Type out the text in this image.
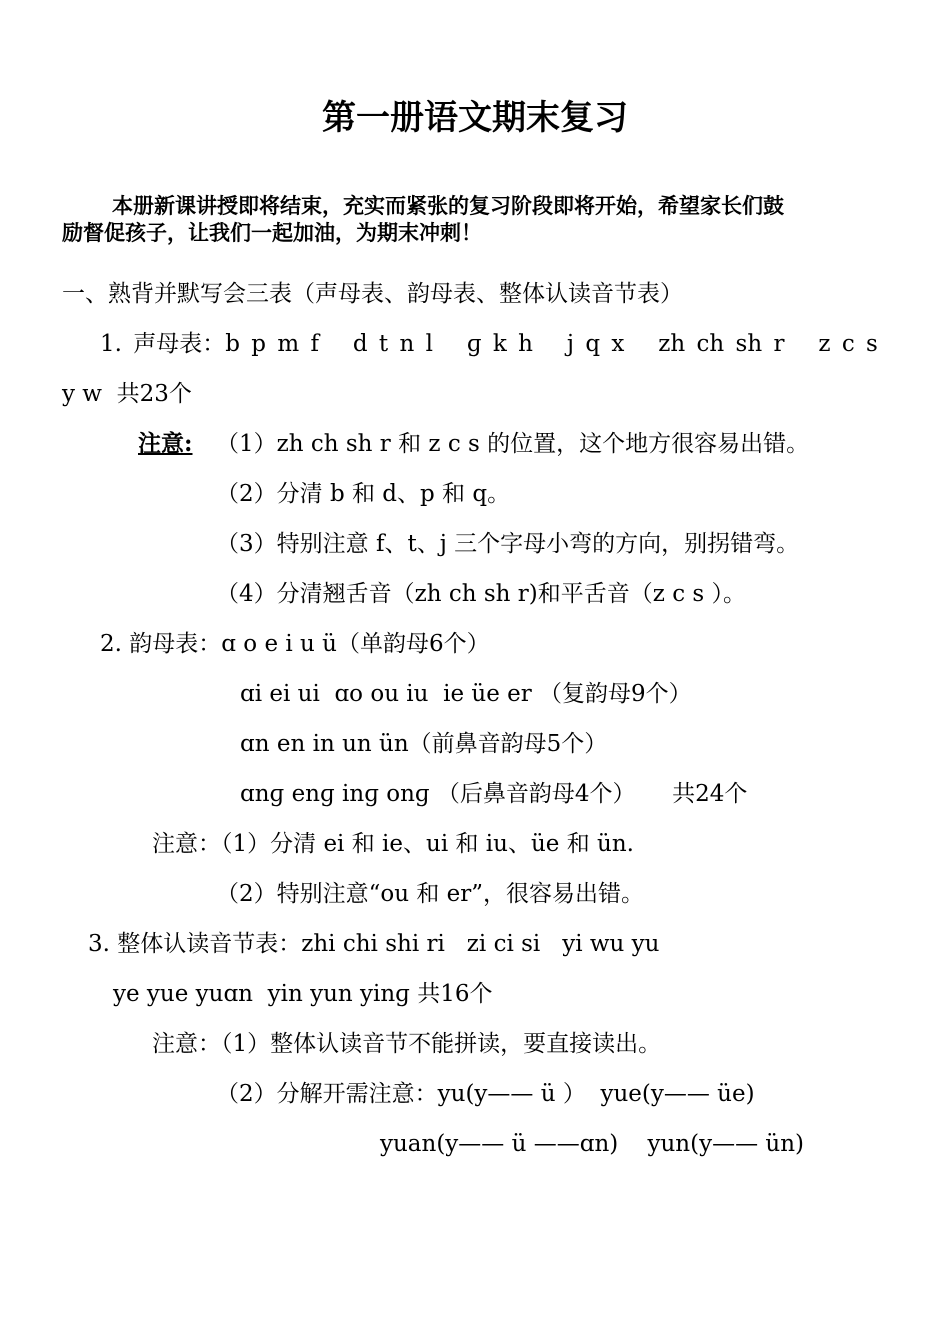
第一册语文期末复习

本册新课讲授即将结束，充实而紧张的复习阶段即将开始，希望家长们鼓

励督促孩子，让我们一起加油，为期末冲刺！

一、熟背并默写会三表（声母表、韵母表、整体认读音节表）
1. 声母表：b p m f   d t n l   ɡ k h   j q x   zh ch sh r   z c s
y w  共23个
注意: （1）zh ch sh r 和 z c s 的位置，这个地方很容易出错。
（2）分清 b 和 d、p 和 q。
（3）特别注意 f、t、j 三个字母小弯的方向，别拐错弯。
（4）分清翘舌音（zh ch sh r)和平舌音（z c s ）。
2. 韵母表：ɑ o e i u ü（单韵母6个）
ɑi ei ui  ɑo ou iu  ie üe er （复韵母9个）
ɑn en in un ün（前鼻音韵母5个）
ɑnɡ enɡ inɡ onɡ （后鼻音韵母4个）     共24个
注意：（1）分清 ei 和 ie、ui 和 iu、üe 和 ün.
（2）特别注意“ou 和 er”，很容易出错。
3. 整体认读音节表：zhi chi shi ri   zi ci si   yi wu yu
ye yue yuɑn  yin yun yinɡ 共16个
注意：（1）整体认读音节不能拼读，要直接读出。
（2）分解开需注意：yu(y—— ü ）  yue(y—— üe)
yuan(y—— ü ——ɑn)    yun(y—— ün)
